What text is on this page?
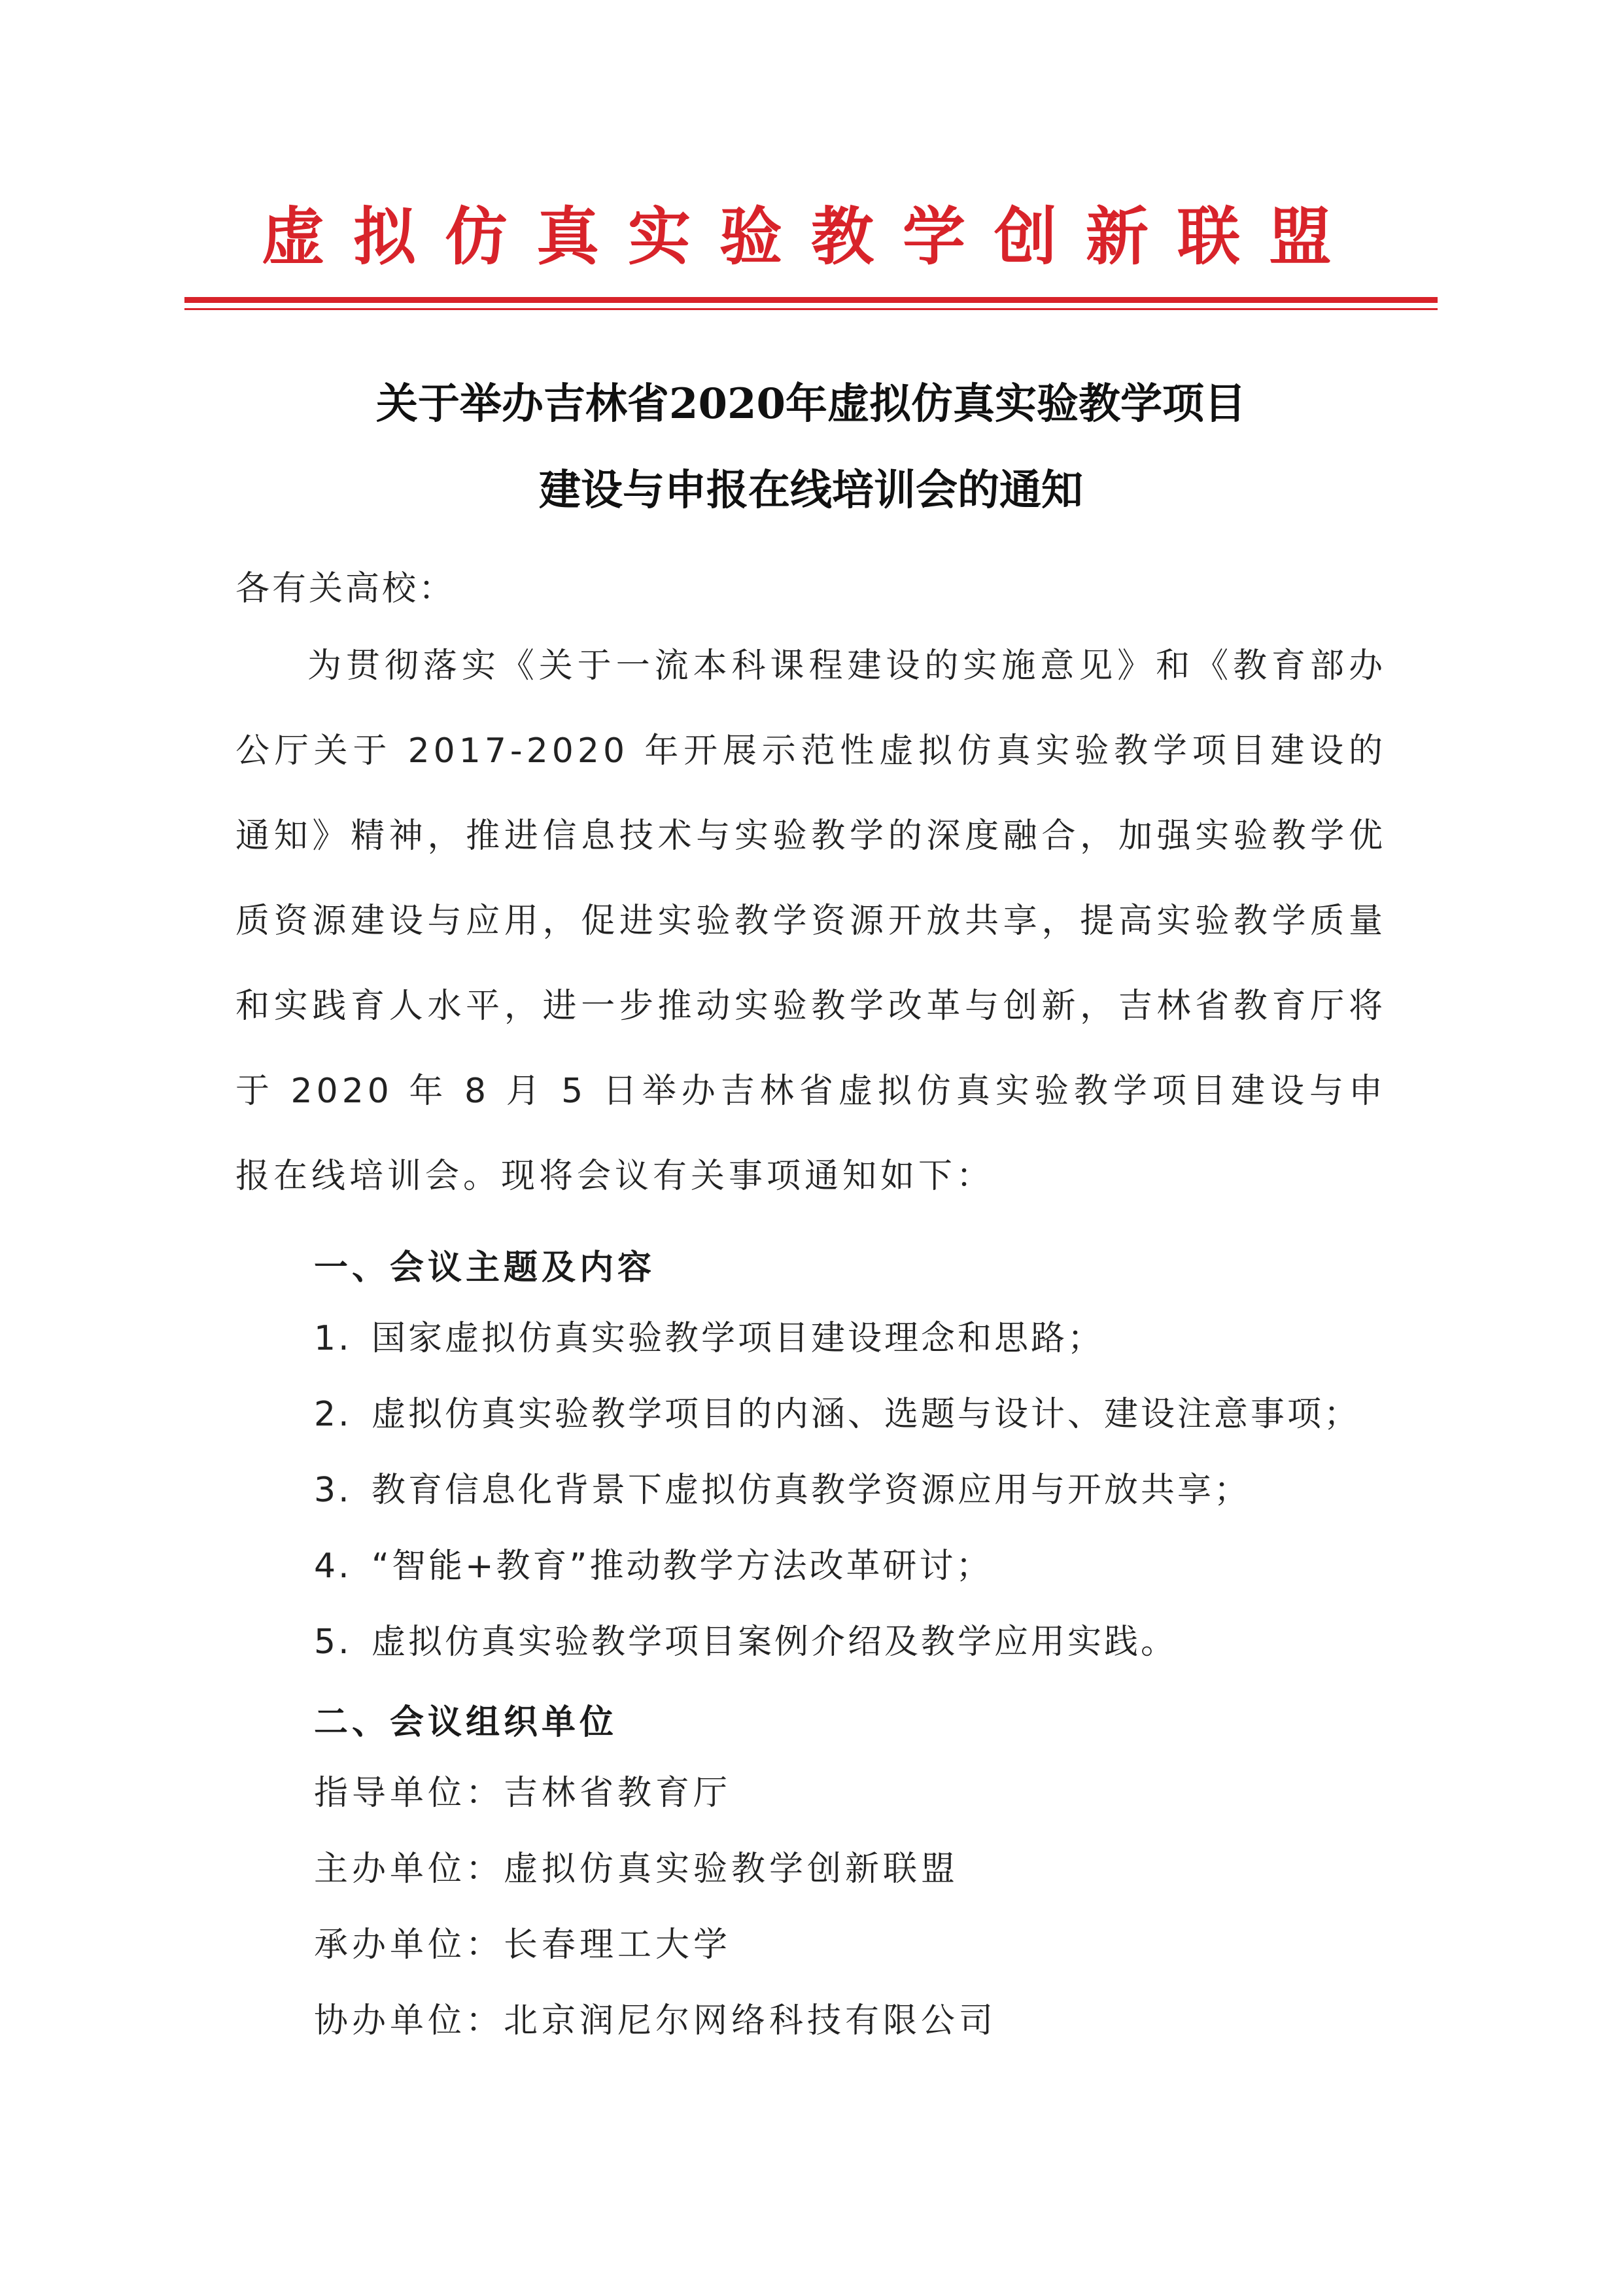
虚拟仿真实验教学创新联盟
关于举办吉林省2020年虚拟仿真实验教学项目
建设与申报在线培训会的通知
各有关高校：
为贯彻落实《关于一流本科课程建设的实施意见》和《教育部办公厅关于 2017-2020 年开展示范性虚拟仿真实验教学项目建设的通知》精神，推进信息技术与实验教学的深度融合，加强实验教学优质资源建设与应用，促进实验教学资源开放共享，提高实验教学质量和实践育人水平，进一步推动实验教学改革与创新，吉林省教育厅将于 2020 年 8 月 5 日举办吉林省虚拟仿真实验教学项目建设与申报在线培训会。现将会议有关事项通知如下：
一、会议主题及内容
1. 国家虚拟仿真实验教学项目建设理念和思路；
2. 虚拟仿真实验教学项目的内涵、选题与设计、建设注意事项；
3. 教育信息化背景下虚拟仿真教学资源应用与开放共享；
4. “智能+教育”推动教学方法改革研讨；
5. 虚拟仿真实验教学项目案例介绍及教学应用实践。
二、会议组织单位
指导单位：吉林省教育厅
主办单位：虚拟仿真实验教学创新联盟
承办单位：长春理工大学
协办单位：北京润尼尔网络科技有限公司
